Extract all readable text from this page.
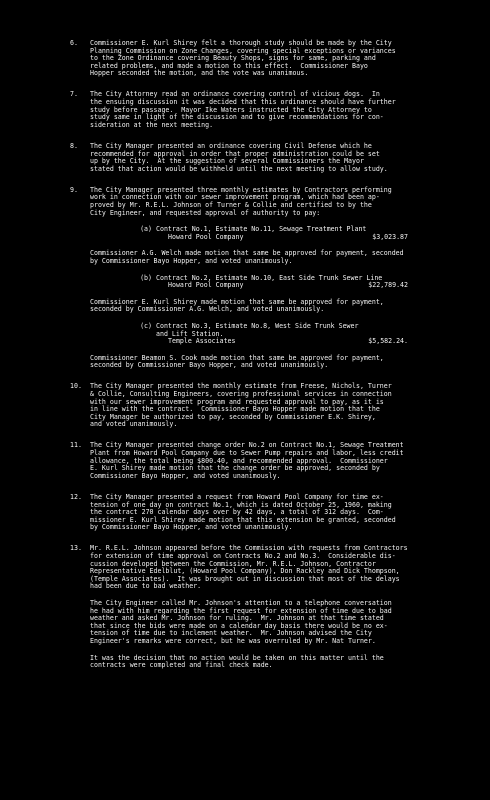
6.	Commissioner E. Kurl Shirey felt a thorough study should be made by the City
Planning Commission on Zone Changes, covering special exceptions or variances
to the Zone Ordinance covering Beauty Shops, signs for same, parking and
related problems, and made a motion to this effect.  Commissioner Bayo
Hopper seconded the motion, and the vote was unanimous.
7.	The City Attorney read an ordinance covering control of vicious dogs.  In
the ensuing discussion it was decided that this ordinance should have further
study before passage.  Mayor Ike Waters instructed the City Attorney to
study same in light of the discussion and to give recommendations for con-
sideration at the next meeting.
8.	The City Manager presented an ordinance covering Civil Defense which he
recommended for approval in order that proper administration could be set
up by the City.  At the suggestion of several Commissioners the Mayor
stated that action would be withheld until the next meeting to allow study.
9.	The City Manager presented three monthly estimates by Contractors performing
work in connection with our sewer improvement program, which had been ap-
proved by Mr. R.E.L. Johnson of Turner & Collie and certified to by the
City Engineer, and requested approval of authority to pay:
(a) Contract No.1, Estimate No.11, Sewage Treatment Plant
Howard Pool Company	$3,023.87
Commissioner A.G. Welch made motion that same be approved for payment, seconded
by Commissioner Bayo Hopper, and voted unanimously.
(b) Contract No.2, Estimate No.10, East Side Trunk Sewer Line
Howard Pool Company	$22,789.42
Commissioner E. Kurl Shirey made motion that same be approved for payment,
seconded by Commissioner A.G. Welch, and voted unanimously.
(c) Contract No.3, Estimate No.8, West Side Trunk Sewer
and Lift Station.
Temple Associates	$5,582.24.
Commissioner Beamon S. Cook made motion that same be approved for payment,
seconded by Commissioner Bayo Hopper, and voted unanimously.
10.	The City Manager presented the monthly estimate from Freese, Nichols, Turner
& Collie, Consulting Engineers, covering professional services in connection
with our sewer improvement program and requested approval to pay, as it is
in line with the contract.  Commissioner Bayo Hopper made motion that the
City Manager be authorized to pay, seconded by Commissioner E.K. Shirey,
and voted unanimously.
11.	The City Manager presented change order No.2 on Contract No.1, Sewage Treatment
Plant from Howard Pool Company due to Sewer Pump repairs and labor, less credit
allowance, the total being $800.40, and recommended approval.  Commissioner
E. Kurl Shirey made motion that the change order be approved, seconded by
Commissioner Bayo Hopper, and voted unanimously.
12.	The City Manager presented a request from Howard Pool Company for time ex-
tension of one day on contract No.1, which is dated October 25, 1960, making
the contract 270 calendar days over by 42 days, a total of 312 days.  Com-
missioner E. Kurl Shirey made motion that this extension be granted, seconded
by Commissioner Bayo Hopper, and voted unanimously.
13.	Mr. R.E.L. Johnson appeared before the Commission with requests from Contractors
for extension of time approval on Contracts No.2 and No.3.  Considerable dis-
cussion developed between the Commission, Mr. R.E.L. Johnson, Contractor
Representative Edelblut, (Howard Pool Company), Don Rackley and Dick Thompson,
(Temple Associates).  It was brought out in discussion that most of the delays
had been due to bad weather.
The City Engineer called Mr. Johnson's attention to a telephone conversation
he had with him regarding the first request for extension of time due to bad
weather and asked Mr. Johnson for ruling.  Mr. Johnson at that time stated
that since the bids were made on a calendar day basis there would be no ex-
tension of time due to inclement weather.  Mr. Johnson advised the City
Engineer's remarks were correct, but he was overruled by Mr. Nat Turner.
It was the decision that no action would be taken on this matter until the
contracts were completed and final check made.
